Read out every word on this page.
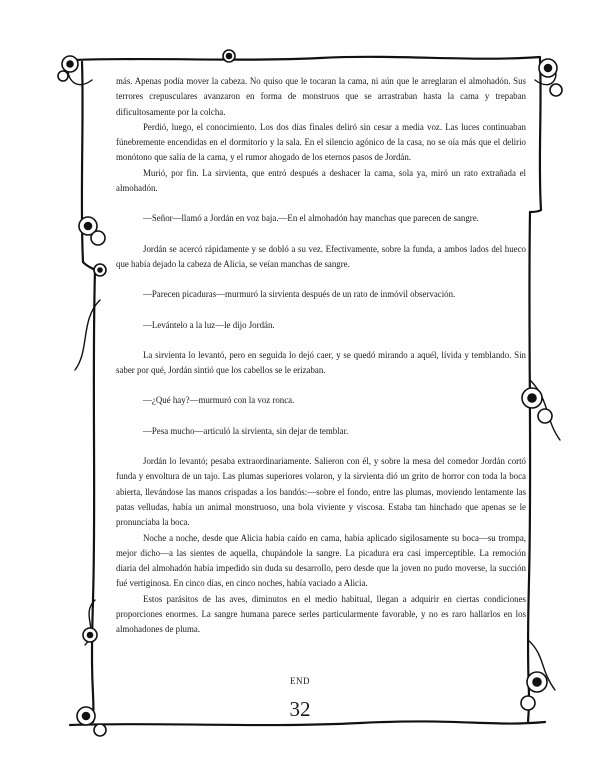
más. Apenas podía mover la cabeza. No quiso que le tocaran la cama, ni aún que le arreglaran el almohadón. Sus terrores crepusculares avanzaron en forma de monstruos que se arrastraban hasta la cama y trepaban dificultosamente por la colcha.

Perdió, luego, el conocimiento. Los dos días finales deliró sin cesar a media voz. Las luces continuaban fúnebremente encendidas en el dormitorio y la sala. En el silencio agónico de la casa, no se oía más que el delirio monótono que salía de la cama, y el rumor ahogado de los eternos pasos de Jordán.

Murió, por fin. La sirvienta, que entró después a deshacer la cama, sola ya, miró un rato extrañada el almohadón.

—Señor—llamó a Jordán en voz baja.—En el almohadón hay manchas que parecen de sangre.

Jordán se acercó rápidamente y se dobló a su vez. Efectivamente, sobre la funda, a ambos lados del hueco que había dejado la cabeza de Alicia, se veían manchas de sangre.

—Parecen picaduras—murmuró la sirvienta después de un rato de inmóvil observación.

—Levántelo a la luz—le dijo Jordán.

La sirvienta lo levantó, pero en seguida lo dejó caer, y se quedó mirando a aquél, lívida y temblando. Sin saber por qué, Jordán sintió que los cabellos se le erizaban.

—¿Qué hay?—murmuró con la voz ronca.

—Pesa mucho—articuló la sirvienta, sin dejar de temblar.

Jordán lo levantó; pesaba extraordinariamente. Salieron con él, y sobre la mesa del comedor Jordán cortó funda y envoltura de un tajo. Las plumas superiores volaron, y la sirvienta dió un grito de horror con toda la boca abierta, llevándose las manos crispadas a los bandós:—sobre el fondo, entre las plumas, moviendo lentamente las patas velludas, había un animal monstruoso, una bola viviente y viscosa. Estaba tan hinchado que apenas se le pronunciaba la boca.

Noche a noche, desde que Alicia había caído en cama, había aplicado sigilosamente su boca—su trompa, mejor dicho—a las sientes de aquella, chupándole la sangre. La picadura era casi imperceptible. La remoción diaria del almohadón había impedido sin duda su desarrollo, pero desde que la joven no pudo moverse, la succión fué vertiginosa. En cinco días, en cinco noches, había vaciado a Alicia.

Estos parásitos de las aves, diminutos en el medio habitual, llegan a adquirir en ciertas condiciones proporciones enormes. La sangre humana parece serles particularmente favorable, y no es raro hallarlos en los almohadones de pluma.

END
32
